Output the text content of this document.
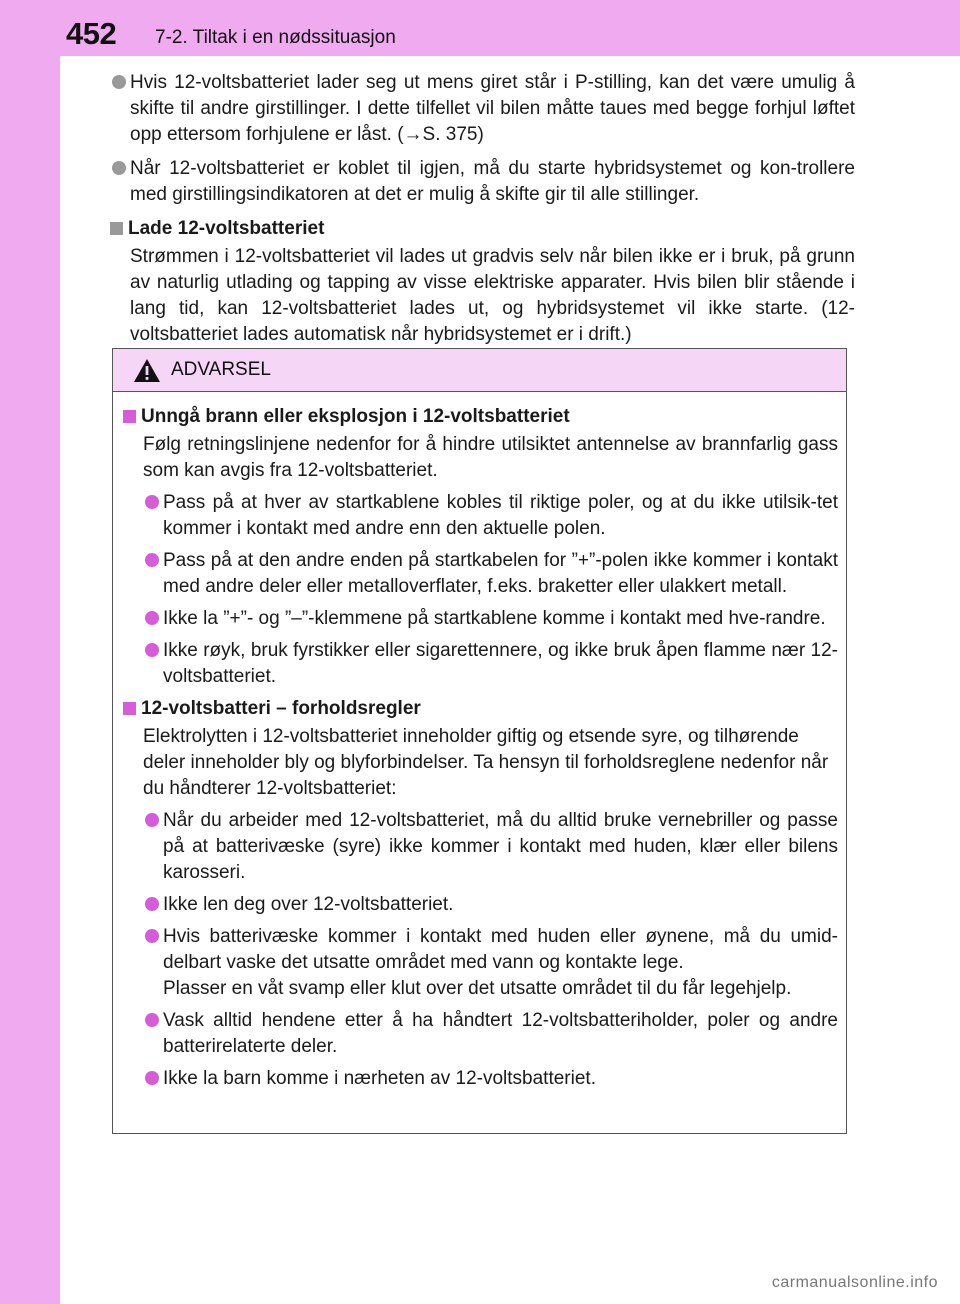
452 7-2. Tiltak i en nødssituasjon
Hvis 12-voltsbatteriet lader seg ut mens giret står i P-stilling, kan det være umulig å skifte til andre girstillinger. I dette tilfellet vil bilen måtte taues med begge forhjul løftet opp ettersom forhjulene er låst. (→S. 375)
Når 12-voltsbatteriet er koblet til igjen, må du starte hybridsystemet og kon-trollere med girstillingsindikatoren at det er mulig å skifte gir til alle stillinger.
Lade 12-voltsbatteriet
Strømmen i 12-voltsbatteriet vil lades ut gradvis selv når bilen ikke er i bruk, på grunn av naturlig utlading og tapping av visse elektriske apparater. Hvis bilen blir stående i lang tid, kan 12-voltsbatteriet lades ut, og hybridsystemet vil ikke starte. (12-voltsbatteriet lades automatisk når hybridsystemet er i drift.)
ADVARSEL
Unngå brann eller eksplosjon i 12-voltsbatteriet
Følg retningslinjene nedenfor for å hindre utilsiktet antennelse av brannfarlig gass som kan avgis fra 12-voltsbatteriet.
Pass på at hver av startkablene kobles til riktige poler, og at du ikke utilsik-tet kommer i kontakt med andre enn den aktuelle polen.
Pass på at den andre enden på startkabelen for ”+”-polen ikke kommer i kontakt med andre deler eller metalloverflater, f.eks. braketter eller ulakkert metall.
Ikke la ”+”- og ”–”-klemmene på startkablene komme i kontakt med hve-randre.
Ikke røyk, bruk fyrstikker eller sigarettennere, og ikke bruk åpen flamme nær 12-voltsbatteriet.
12-voltsbatteri – forholdsregler
Elektrolytten i 12-voltsbatteriet inneholder giftig og etsende syre, og tilhørende deler inneholder bly og blyforbindelser. Ta hensyn til forholdsreglene nedenfor når du håndterer 12-voltsbatteriet:
Når du arbeider med 12-voltsbatteriet, må du alltid bruke vernebriller og passe på at batterivæske (syre) ikke kommer i kontakt med huden, klær eller bilens karosseri.
Ikke len deg over 12-voltsbatteriet.
Hvis batterivæske kommer i kontakt med huden eller øynene, må du umid-delbart vaske det utsatte området med vann og kontakte lege.
Plasser en våt svamp eller klut over det utsatte området til du får legehjelp.
Vask alltid hendene etter å ha håndtert 12-voltsbatteriholder, poler og andre batterirelaterte deler.
Ikke la barn komme i nærheten av 12-voltsbatteriet.
carmanualsonline.info
